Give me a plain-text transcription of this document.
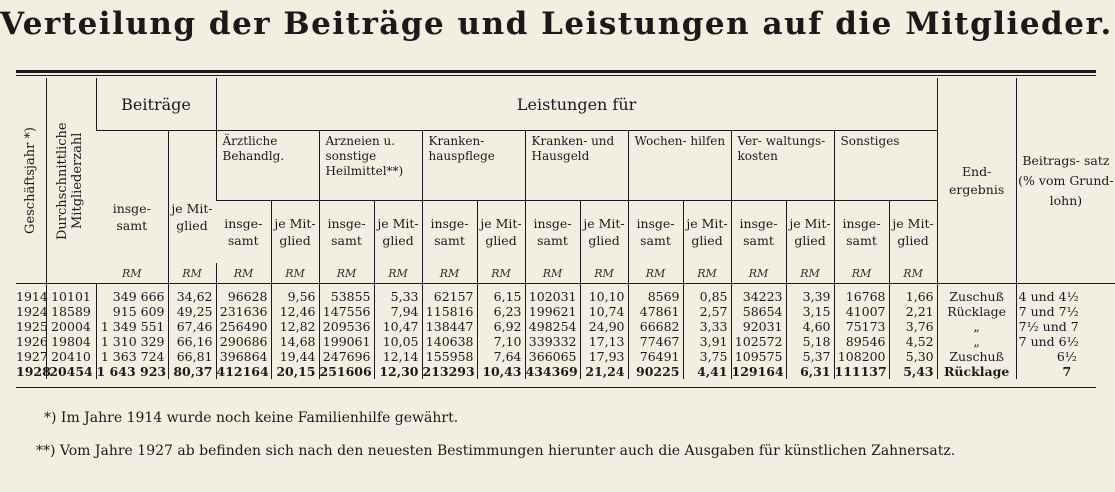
Verteilung der Beiträge und Leistungen auf die Mitglieder.
Geschäftsjahr *)	Durchschnittliche Mitgliederzahl	Beiträge		Leistungen für														End- ergebnis	Beitrags- satz (% vom Grund- lohn)
		insge- samt	je Mit- glied	Ärztliche Behandlg.		Arzneien u. sonstige Heilmittel**)		Kranken- hauspflege		Kranken- und Hausgeld		Wochen- hilfen		Ver- waltungs- kosten		Sonstiges			
				insge- samt	je Mit- glied	insge- samt	je Mit- glied	insge- samt	je Mit- glied	insge- samt	je Mit- glied	insge- samt	je Mit- glied	insge- samt	je Mit- glied	insge- samt	je Mit- glied		
		RM	RM	RM	RM	RM	RM	RM	RM	RM	RM	RM	RM	RM	RM	RM	RM		
1914	10101	349 666	34,62	96628	9,56	53855	5,33	62157	6,15	102031	10,10	8569	0,85	34223	3,39	16768	1,66	Zuschuß	4 und 4½
1924	18589	915 609	49,25	231636	12,46	147556	7,94	115816	6,23	199621	10,74	47861	2,57	58654	3,15	41007	2,21	Rücklage	7 und 7½
1925	20004	1 349 551	67,46	256490	12,82	209536	10,47	138447	6,92	498254	24,90	66682	3,33	92031	4,60	75173	3,76	„	7½ und 7
1926	19804	1 310 329	66,16	290686	14,68	199061	10,05	140638	7,10	339332	17,13	77467	3,91	102572	5,18	89546	4,52	„	7 und 6½
1927	20410	1 363 724	66,81	396864	19,44	247696	12,14	155958	7,64	366065	17,93	76491	3,75	109575	5,37	108200	5,30	Zuschuß	6½
1928	20454	1 643 923	80,37	412164	20,15	251606	12,30	213293	10,43	434369	21,24	90225	4,41	129164	6,31	111137	5,43	Rücklage	7
*) Im Jahre 1914 wurde noch keine Familienhilfe gewährt.
**) Vom Jahre 1927 ab befinden sich nach den neuesten Bestimmungen hierunter auch die Ausgaben für künstlichen Zahnersatz.
